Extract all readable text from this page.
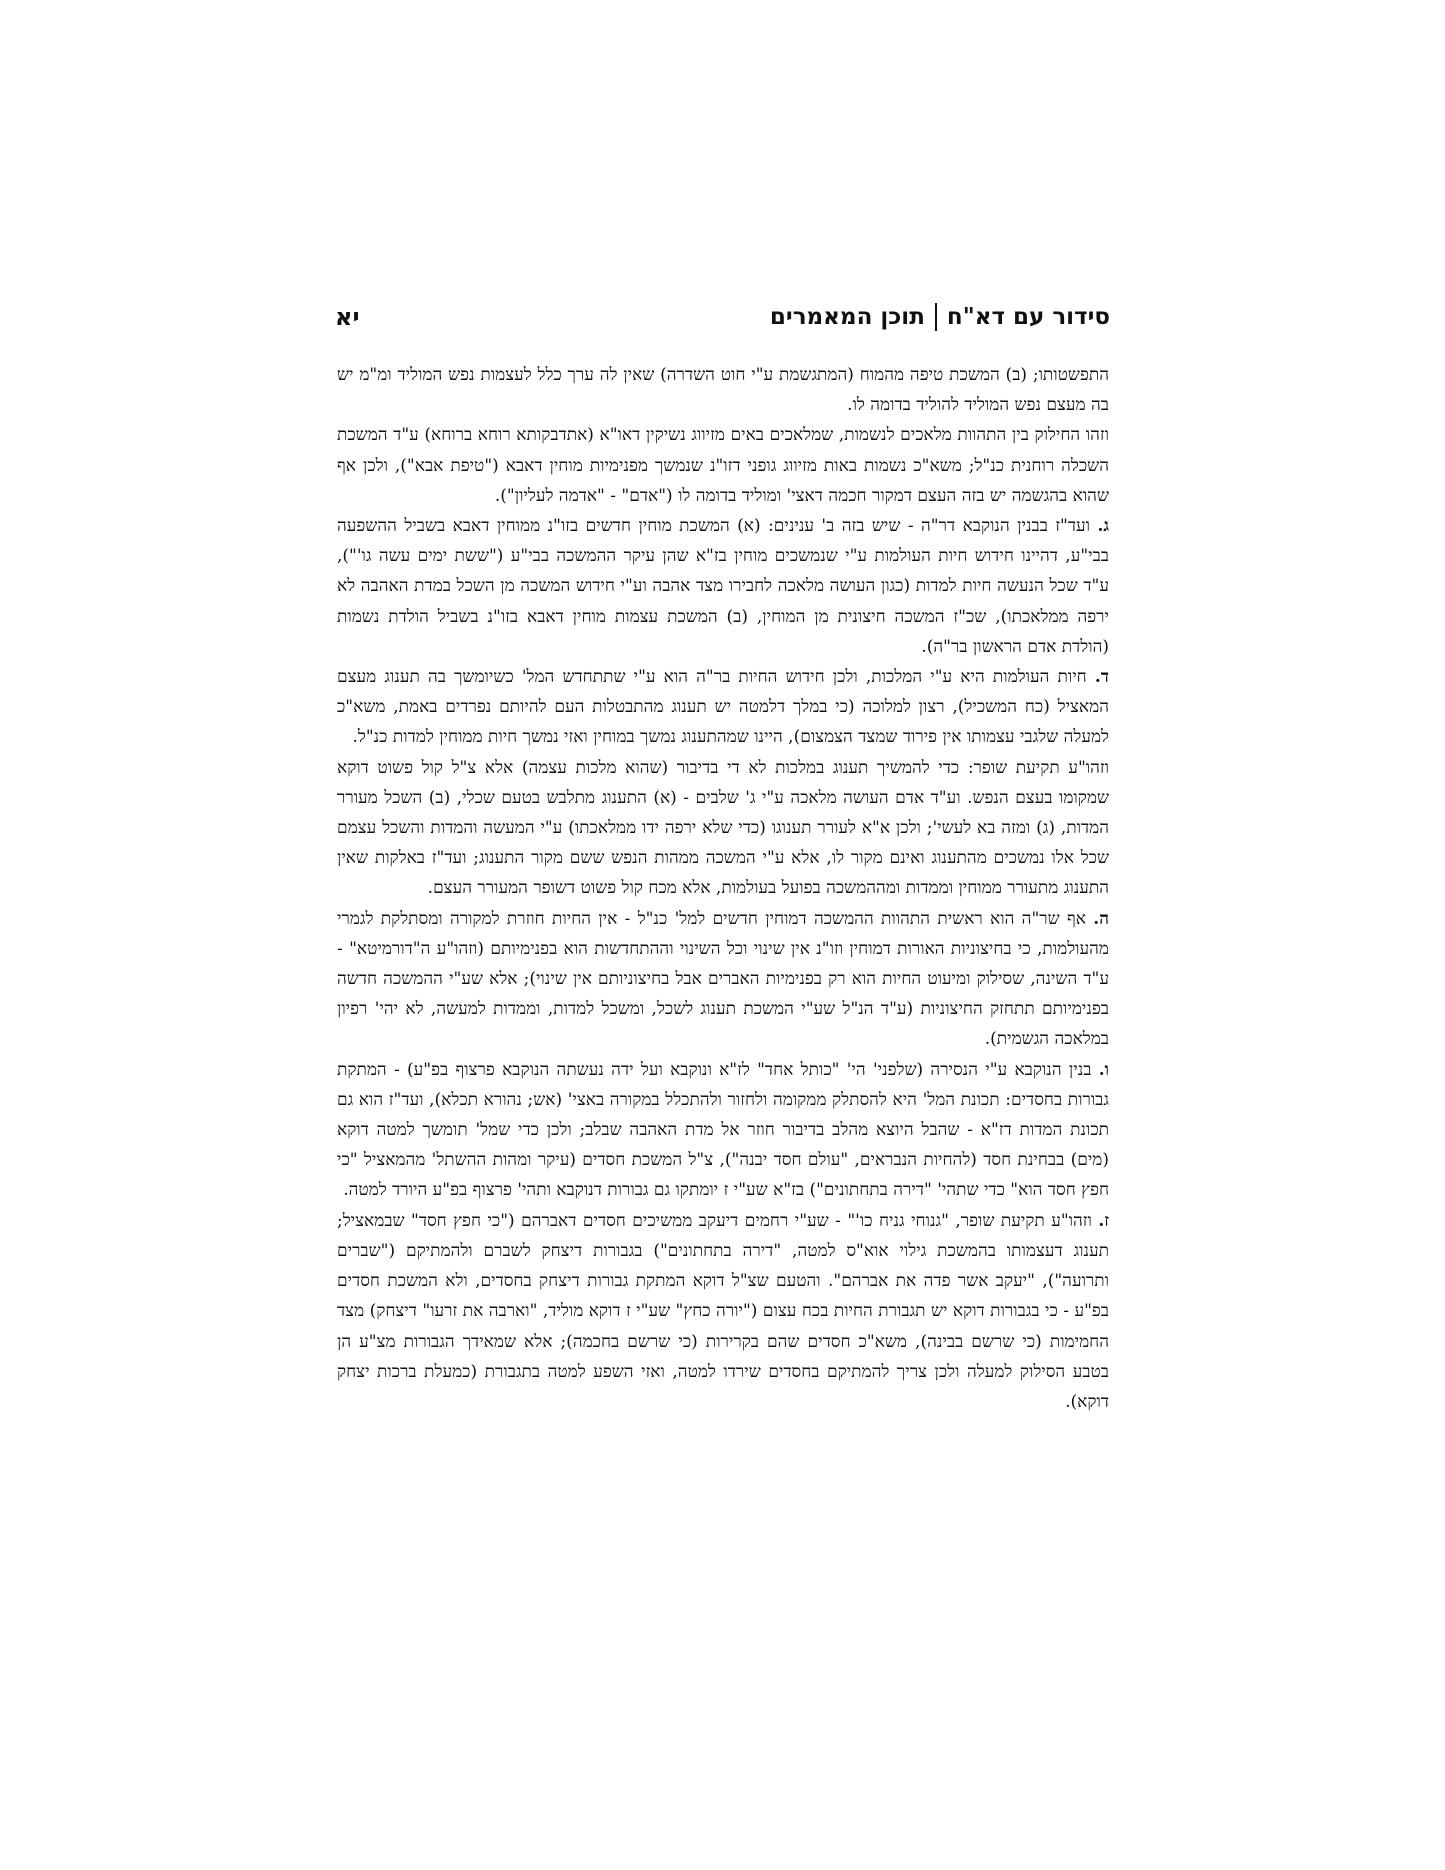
סידור עם דא"ח
תוכן המאמרים
יא

התפשטותו; (ב) המשכת טיפה מהמוח (המתגשמת ע"י חוט השדרה) שאין לה ערך כלל לעצמות נפש המוליד ומ"מ יש בה מעצם נפש המוליד להוליד בדומה לו.

וזהו החילוק בין התהוות מלאכים לנשמות, שמלאכים באים מזיווג נשיקין דאו"א (אתדבקותא רוחא ברוחא) ע"ד המשכת השכלה רוחנית כנ"ל; משא"כ נשמות באות מזיווג גופני דזו"נ שנמשך מפנימיות מוחין דאבא ("טיפת אבא"), ולכן אף שהוא בהגשמה יש בזה העצם דמקור חכמה דאצי' ומוליד בדומה לו ("אדם" - "אדמה לעליון").

ג. ועד"ז בבנין הנוקבא דר"ה - שיש בזה ב' ענינים: (א) המשכת מוחין חדשים בזו"נ ממוחין דאבא בשביל ההשפעה בבי"ע, דהיינו חידוש חיות העולמות ע"י שנמשכים מוחין בז"א שהן עיקר ההמשכה בבי"ע ("ששת ימים עשה גו'"), ע"ד שכל הנעשה חיות למדות (כגון העושה מלאכה לחבירו מצד אהבה וע"י חידוש המשכה מן השכל במדת האהבה לא ירפה ממלאכתו), שכ"ז המשכה חיצונית מן המוחין, (ב) המשכת עצמות מוחין דאבא בזו"נ בשביל הולדת נשמות (הולדת אדם הראשון בר"ה).

ד. חיות העולמות היא ע"י המלכות, ולכן חידוש החיות בר"ה הוא ע"י שתתחדש המל' כשיומשך בה תענוג מעצם המאציל (כח המשכיל), רצון למלוכה (כי במלך דלמטה יש תענוג מהתבטלות העם להיותם נפרדים באמת, משא"כ למעלה שלגבי עצמותו אין פירוד שמצד הצמצום), היינו שמהתענוג נמשך במוחין ואזי נמשך חיות ממוחין למדות כנ"ל.

וזהו"ע תקיעת שופר: כדי להמשיך תענוג במלכות לא די בדיבור (שהוא מלכות עצמה) אלא צ"ל קול פשוט דוקא שמקומו בעצם הנפש. וע"ד אדם העושה מלאכה ע"י ג' שלבים - (א) התענוג מתלבש בטעם שכלי, (ב) השכל מעורר המדות, (ג) ומזה בא לעשי'; ולכן א"א לעורר תענוגו (כדי שלא ירפה ידו ממלאכתו) ע"י המעשה והמדות והשכל עצמם שכל אלו נמשכים מהתענוג ואינם מקור לו, אלא ע"י המשכה ממהות הנפש ששם מקור התענוג; ועד"ז באלקות שאין התענוג מתעורר ממוחין וממדות ומההמשכה בפועל בעולמות, אלא מכח קול פשוט דשופר המעורר העצם.

ה. אף שר"ה הוא ראשית התהוות ההמשכה דמוחין חדשים למל' כנ"ל - אין החיות חוזרת למקורה ומסתלקת לגמרי מהעולמות, כי בחיצוניות האורות דמוחין וזו"נ אין שינוי וכל השינוי וההתחדשות הוא בפנימיותם (וזהו"ע ה"דורמיטא" - ע"ד השינה, שסילוק ומיעוט החיות הוא רק בפנימיות האברים אבל בחיצוניותם אין שינוי); אלא שע"י ההמשכה חדשה בפנימיותם תתחזק החיצוניות (ע"ד הנ"ל שע"י המשכת תענוג לשכל, ומשכל למדות, וממדות למעשה, לא יהי' רפיון במלאכה הגשמית).

ו. בנין הנוקבא ע"י הנסירה (שלפני' הי' "כותל אחד" לז"א ונוקבא ועל ידה נעשתה הנוקבא פרצוף בפ"ע) - המתקת גבורות בחסדים: תכונת המל' היא להסתלק ממקומה ולחזור ולהתכלל במקורה באצי' (אש; נהורא תכלא), ועד"ז הוא גם תכונת המדות דז"א - שהבל היוצא מהלב בדיבור חוזר אל מדת האהבה שבלב; ולכן כדי שמל' תומשך למטה דוקא (מים) בבחינת חסד (להחיות הנבראים, "עולם חסד יבנה"), צ"ל המשכת חסדים (עיקר ומהות ההשתל' מהמאציל "כי חפץ חסד הוא" כדי שתהי' "דירה בתחתונים") בז"א שע"י ז יומתקו גם גבורות דנוקבא ותהי' פרצוף בפ"ע היורד למטה.

ז. וזהו"ע תקיעת שופר, "גנוחי גניח כו'" - שע"י רחמים דיעקב ממשיכים חסדים דאברהם ("כי חפץ חסד" שבמאציל; תענוג דעצמותו בהמשכת גילוי אוא"ס למטה, "דירה בתחתונים") בגבורות דיצחק לשברם ולהמתיקם ("שברים ותרועה"), "יעקב אשר פדה את אברהם". והטעם שצ"ל דוקא המתקת גבורות דיצחק בחסדים, ולא המשכת חסדים בפ"ע - כי בגבורות דוקא יש תגבורת החיות בכח עצום ("יורה כחץ" שע"י ז דוקא מוליד, "וארבה את זרעו" דיצחק) מצד החמימות (כי שרשם בבינה), משא"כ חסדים שהם בקרירות (כי שרשם בחכמה); אלא שמאידך הגבורות מצ"ע הן בטבע הסילוק למעלה ולכן צריך להמתיקם בחסדים שירדו למטה, ואזי השפע למטה בתגבורת (כמעלת ברכות יצחק דוקא).
